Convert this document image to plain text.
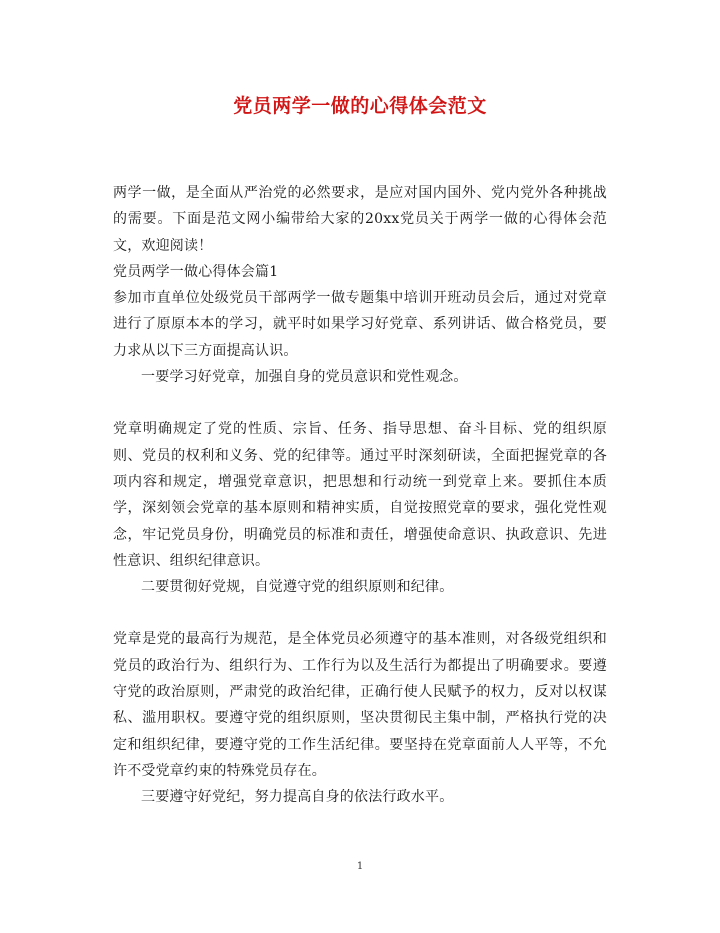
党员两学一做的心得体会范文

两学一做，是全面从严治党的必然要求，是应对国内国外、党内党外各种挑战的需要。下面是范文网小编带给大家的20xx党员关于两学一做的心得体会范文，欢迎阅读！

党员两学一做心得体会篇1

参加市直单位处级党员干部两学一做专题集中培训开班动员会后，通过对党章进行了原原本本的学习，就平时如果学习好党章、系列讲话、做合格党员，要力求从以下三方面提高认识。

一要学习好党章，加强自身的党员意识和党性观念。

党章明确规定了党的性质、宗旨、任务、指导思想、奋斗目标、党的组织原则、党员的权利和义务、党的纪律等。通过平时深刻研读，全面把握党章的各项内容和规定，增强党章意识，把思想和行动统一到党章上来。要抓住本质学，深刻领会党章的基本原则和精神实质，自觉按照党章的要求，强化党性观念，牢记党员身份，明确党员的标准和责任，增强使命意识、执政意识、先进性意识、组织纪律意识。

二要贯彻好党规，自觉遵守党的组织原则和纪律。

党章是党的最高行为规范，是全体党员必须遵守的基本准则，对各级党组织和党员的政治行为、组织行为、工作行为以及生活行为都提出了明确要求。要遵守党的政治原则，严肃党的政治纪律，正确行使人民赋予的权力，反对以权谋私、滥用职权。要遵守党的组织原则，坚决贯彻民主集中制，严格执行党的决定和组织纪律，要遵守党的工作生活纪律。要坚持在党章面前人人平等，不允许不受党章约束的特殊党员存在。

三要遵守好党纪，努力提高自身的依法行政水平。

1
